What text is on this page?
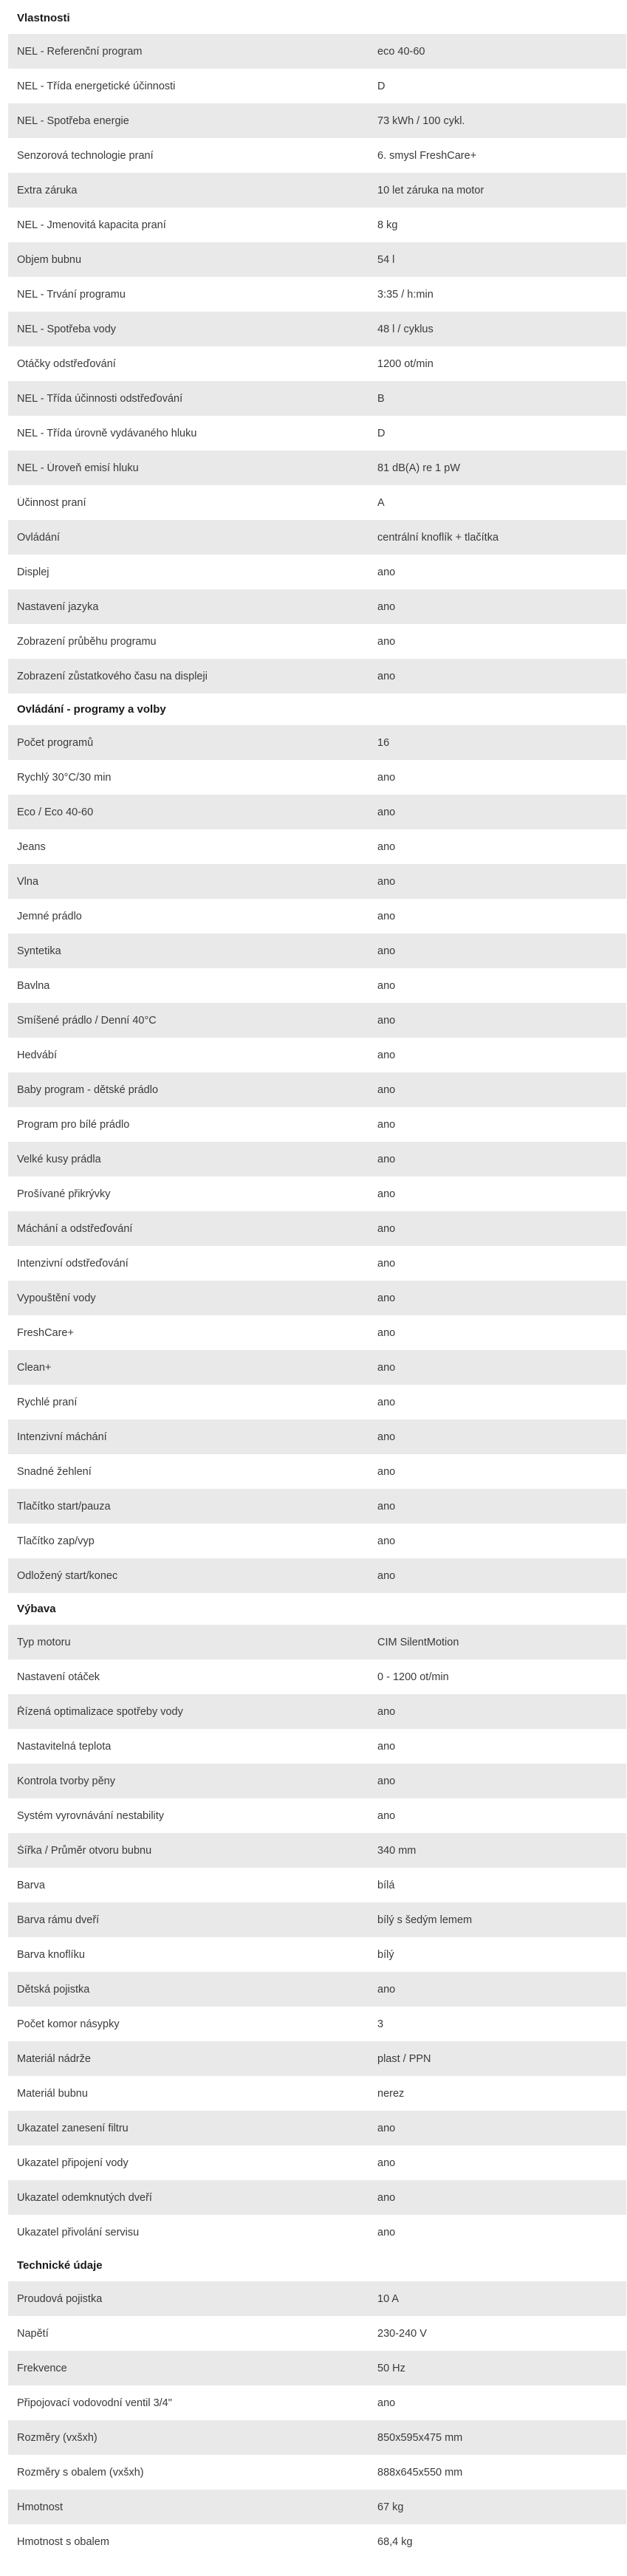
Vlastnosti
NEL - Referenční program	eco 40-60
NEL - Třída energetické účinnosti	D
NEL - Spotřeba energie	73 kWh / 100 cykl.
Senzorová technologie praní	6. smysl FreshCare+
Extra záruka	10 let záruka na motor
NEL - Jmenovitá kapacita praní	8 kg
Objem bubnu	54 l
NEL - Trvání programu	3:35 / h:min
NEL - Spotřeba vody	48 l / cyklus
Otáčky odstřeďování	1200 ot/min
NEL - Třída účinnosti odstřeďování	B
NEL - Třída úrovně vydávaného hluku	D
NEL - Úroveň emisí hluku	81 dB(A) re 1 pW
Účinnost praní	A
Ovládání	centrální knoflík + tlačítka
Displej	ano
Nastavení jazyka	ano
Zobrazení průběhu programu	ano
Zobrazení zůstatkového času na displeji	ano
Ovládání - programy a volby
Počet programů	16
Rychlý 30°C/30 min	ano
Eco / Eco 40-60	ano
Jeans	ano
Vlna	ano
Jemné prádlo	ano
Syntetika	ano
Bavlna	ano
Smíšené prádlo / Denní 40°C	ano
Hedvábí	ano
Baby program - dětské prádlo	ano
Program pro bílé prádlo	ano
Velké kusy prádla	ano
Prošívané přikrývky	ano
Máchání a odstřeďování	ano
Intenzivní odstřeďování	ano
Vypouštění vody	ano
FreshCare+	ano
Clean+	ano
Rychlé praní	ano
Intenzivní máchání	ano
Snadné žehlení	ano
Tlačítko start/pauza	ano
Tlačítko zap/vyp	ano
Odložený start/konec	ano
Výbava
Typ motoru	CIM SilentMotion
Nastavení otáček	0 - 1200 ot/min
Řízená optimalizace spotřeby vody	ano
Nastavitelná teplota	ano
Kontrola tvorby pěny	ano
Systém vyrovnávání nestability	ano
Šířka / Průměr otvoru bubnu	340 mm
Barva	bílá
Barva rámu dveří	bílý s šedým lemem
Barva knoflíku	bílý
Dětská pojistka	ano
Počet komor násypky	3
Materiál nádrže	plast / PPN
Materiál bubnu	nerez
Ukazatel zanesení filtru	ano
Ukazatel připojení vody	ano
Ukazatel odemknutých dveří	ano
Ukazatel přivolání servisu	ano
Technické údaje
Proudová pojistka	10 A
Napětí	230-240 V
Frekvence	50 Hz
Připojovací vodovodní ventil 3/4"	ano
Rozměry (vxšxh)	850x595x475 mm
Rozměry s obalem (vxšxh)	888x645x550 mm
Hmotnost	67 kg
Hmotnost s obalem	68,4 kg
